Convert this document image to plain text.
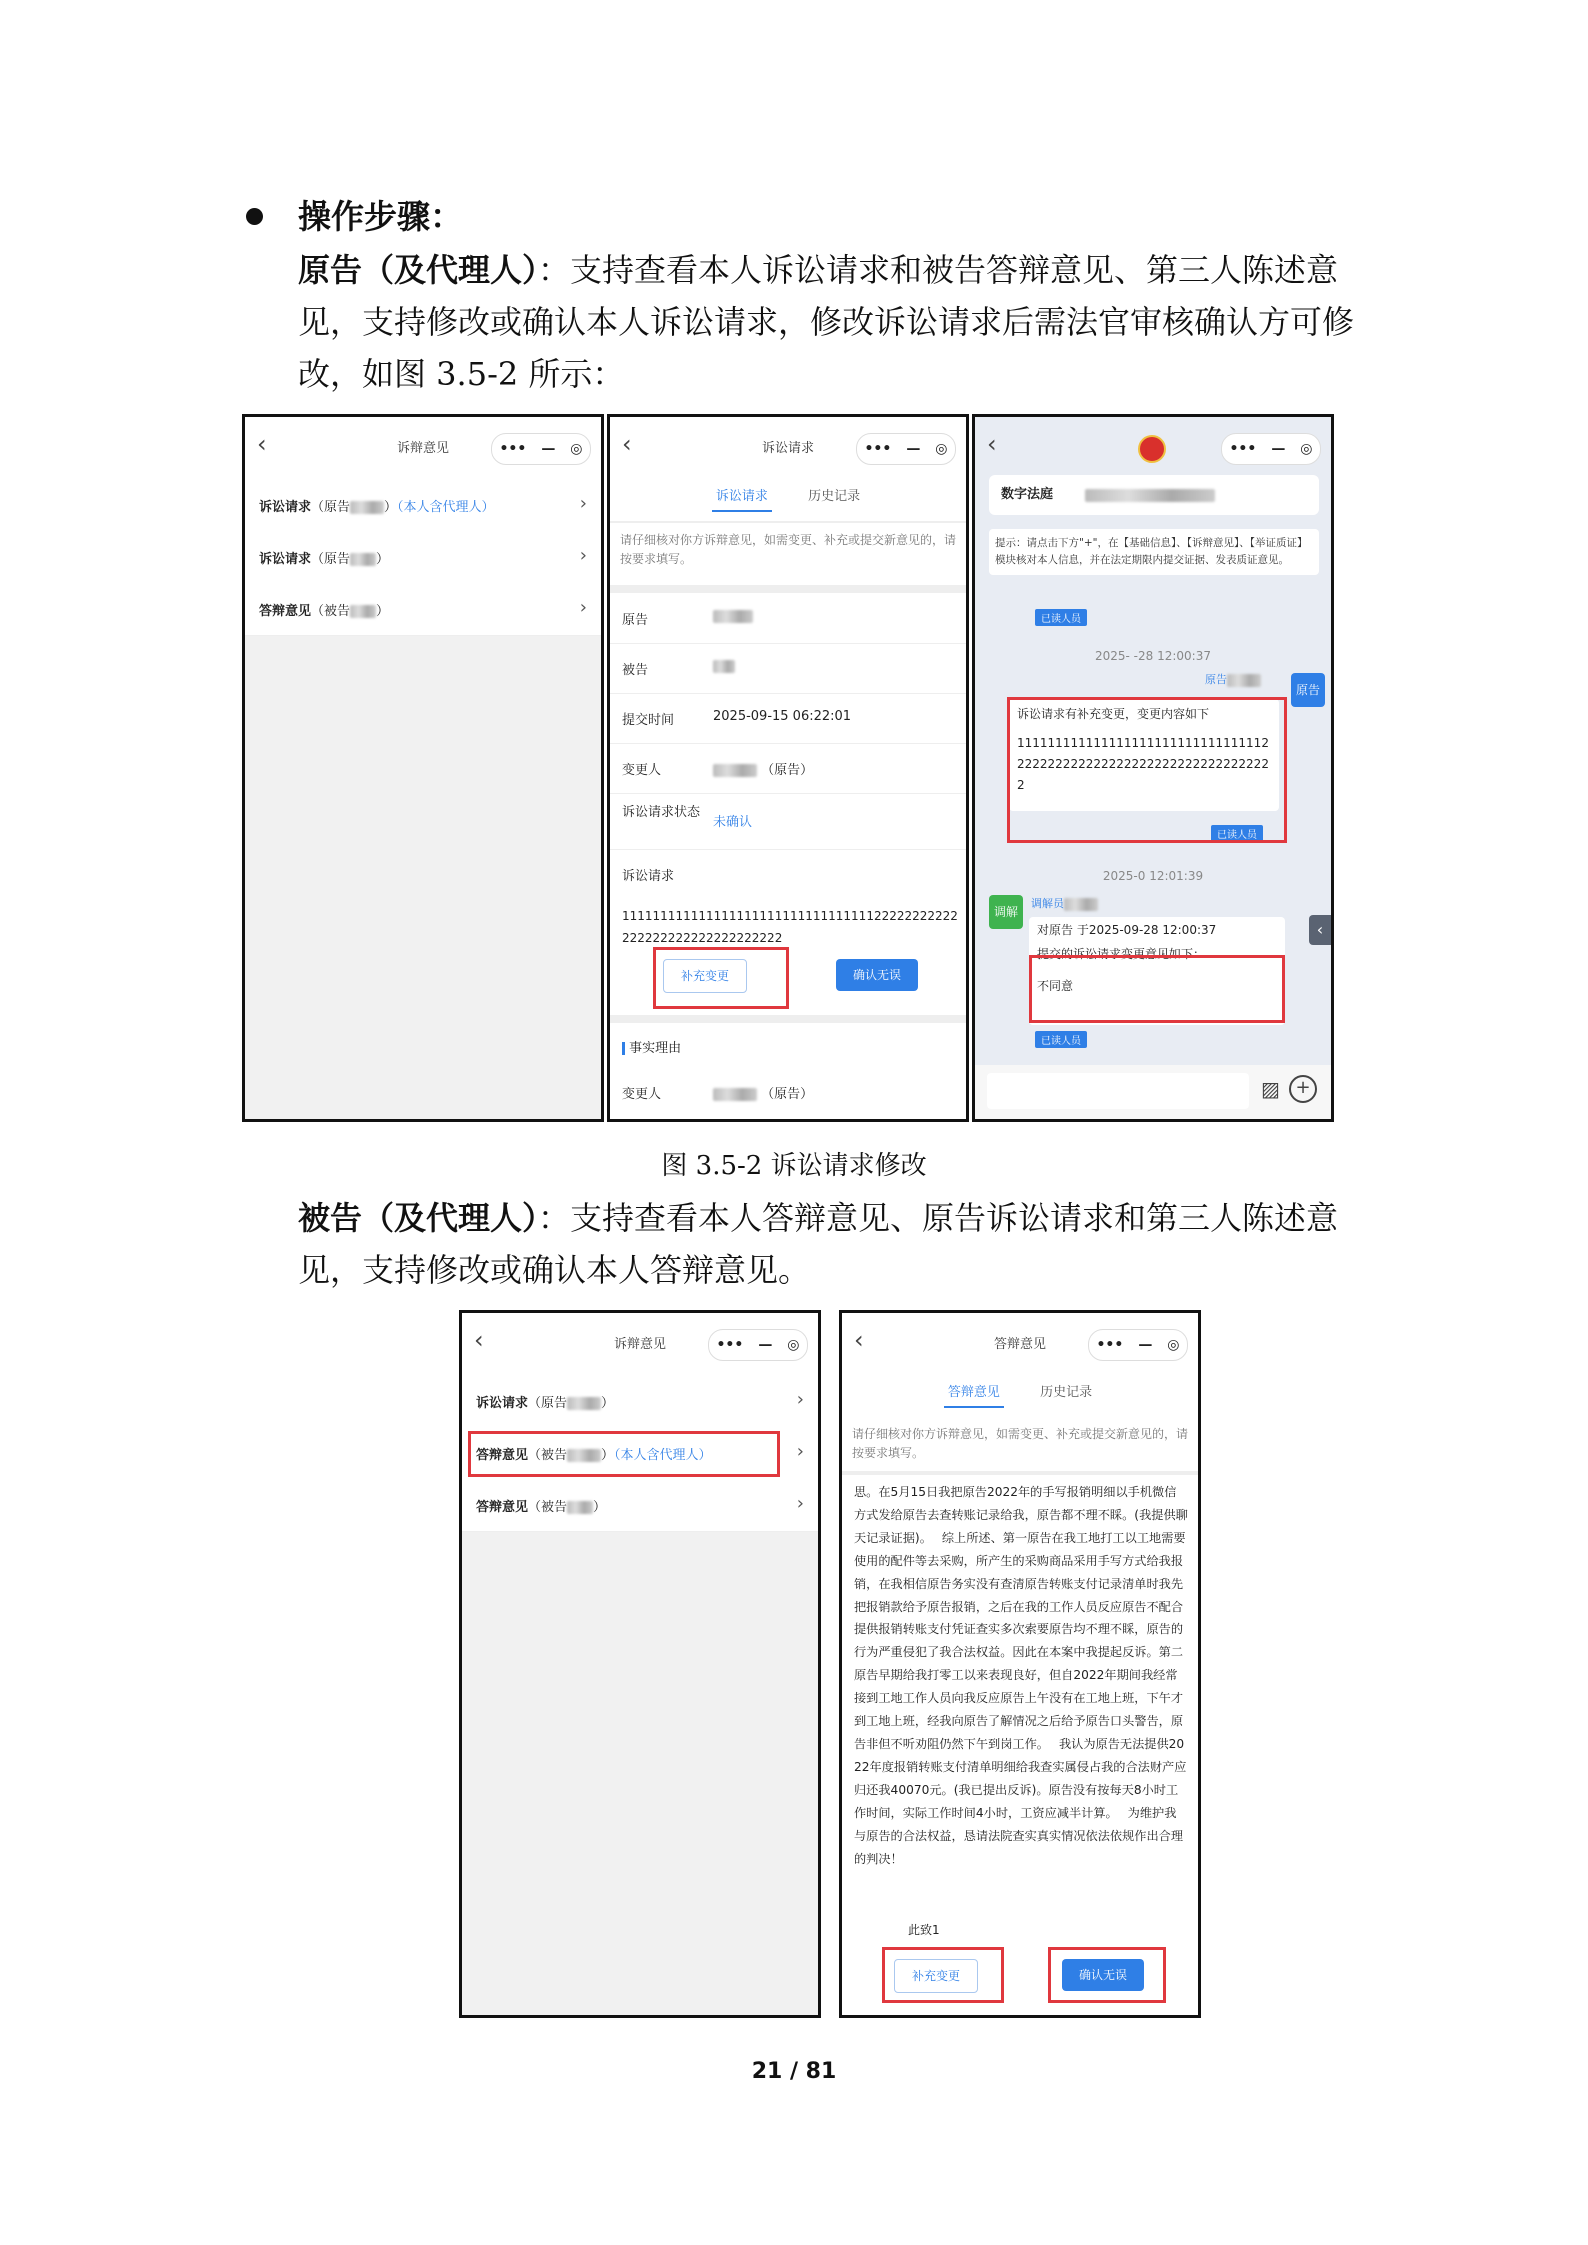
操作步骤：
原告（及代理人）：支持查看本人诉讼请求和被告答辩意见、第三人陈述意
见，支持修改或确认本人诉讼请求，修改诉讼请求后需法官审核确认方可修
改，如图 3.5-2 所示：
‹	诉辩意见	••• — ◎
诉讼请求（原告	）（本人含代理人）	›
诉讼请求（原告 ）	›
答辩意见（被告 ）	›
‹	诉讼请求	••• — ◎
诉讼请求	历史记录
请仔细核对你方诉辩意见，如需变更、补充或提交新意见的，请按要求填写。
原告
被告
提交时间	2025-09-15 06:22:01
变更人	（原告）
诉讼请求状态
未确认
诉讼请求
11111111111111111111111111111111122222222222222222222222222222222
补充变更	确认无误
事实理由
变更人	（原告）
‹	••• — ◎
数字法庭
提示：请点击下方"+"，在【基础信息】、【诉辩意见】、【举证质证】模块核对本人信息，并在法定期限内提交证据、发表质证意见。
已读人员
2025- -28 12:00:37
原告
原告
诉讼请求有补充变更，变更内容如下
1111111111111111111111111111111122222222222222222222222222222222222
已读人员
2025-0 12:01:39
调解
调解员
对原告 于2025-09-28 12:00:37
提交的诉讼请求变更意见如下：
不同意
‹
已读人员
▨ +
图 3.5-2 诉讼请求修改
被告（及代理人）：支持查看本人答辩意见、原告诉讼请求和第三人陈述意
见，支持修改或确认本人答辩意见。
‹	诉辩意见	••• — ◎
诉讼请求（原告	）	›
答辩意见（被告	）（本人含代理人）	›
答辩意见（被告 ）	›
‹	答辩意见	••• — ◎
答辩意见	历史记录
请仔细核对你方诉辩意见，如需变更、补充或提交新意见的，请按要求填写。
思。在5月15日我把原告2022年的手写报销明细以手机微信方式发给原告去查转账记录给我，原告都不理不睬。(我提供聊天记录证据)。　 综上所述、第一原告在我工地打工以工地需要使用的配件等去采购，所产生的采购商品采用手写方式给我报销，在我相信原告务实没有查清原告转账支付记录清单时我先把报销款给予原告报销，之后在我的工作人员反应原告不配合提供报销转账支付凭证查实多次索要原告均不理不睬，原告的行为严重侵犯了我合法权益。因此在本案中我提起反诉。第二原告早期给我打零工以来表现良好，但自2022年期间我经常接到工地工作人员向我反应原告上午没有在工地上班，下午才到工地上班，经我向原告了解情况之后给予原告口头警告，原告非但不听劝阻仍然下午到岗工作。　 我认为原告无法提供2022年度报销转账支付清单明细给我查实属侵占我的合法财产应归还我40070元。(我已提出反诉)。原告没有按每天8小时工作时间，实际工作时间4小时，工资应减半计算。　 为维护我与原告的合法权益，恳请法院查实真实情况依法依规作出合理的判决！
此致1
补充变更	确认无误
21 / 81
